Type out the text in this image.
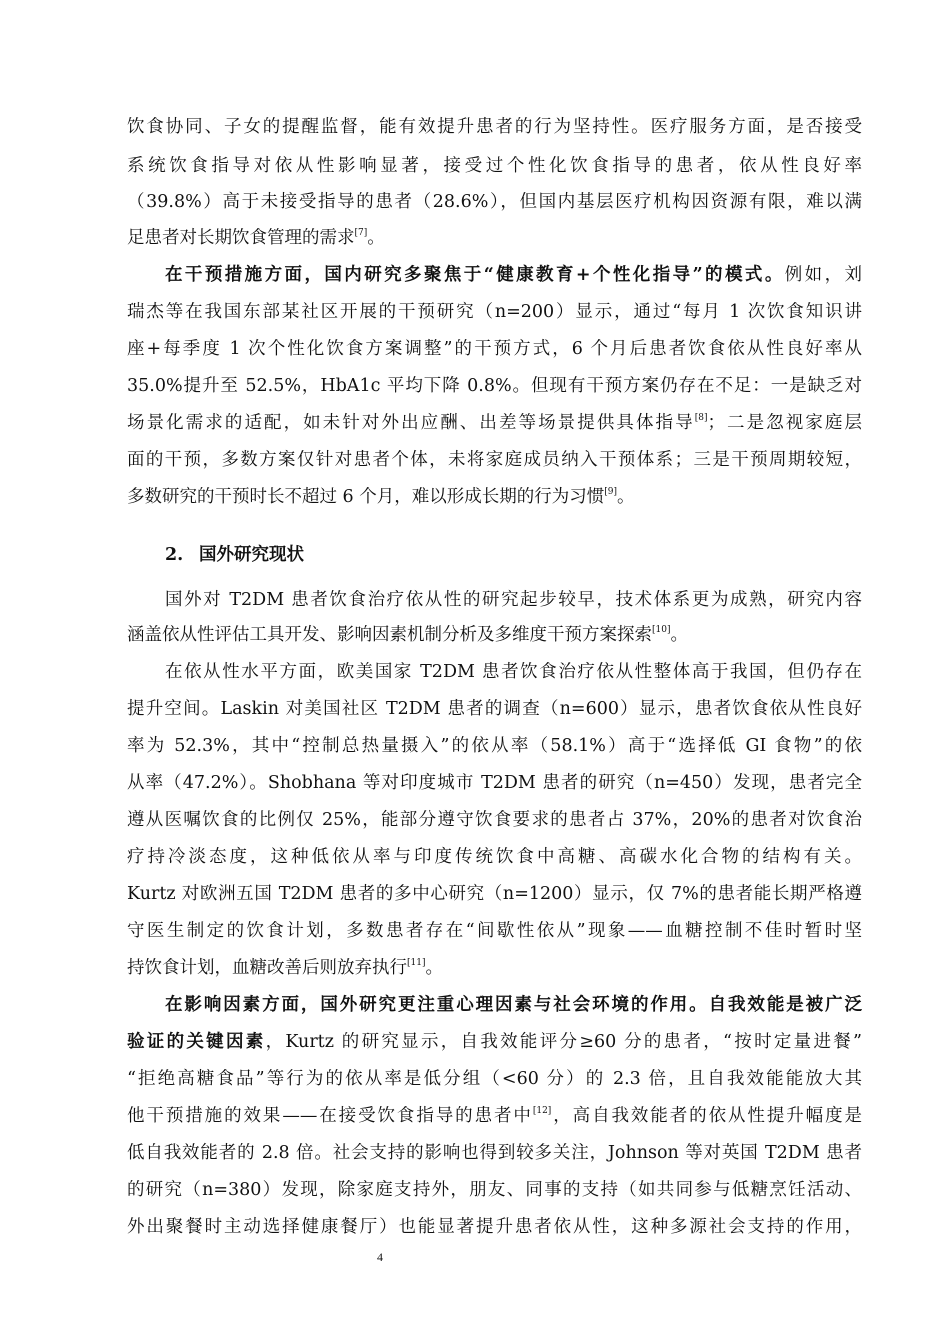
饮食协同、子女的提醒监督，能有效提升患者的行为坚持性。医疗服务方面，是否接受
系统饮食指导对依从性影响显著，接受过个性化饮食指导的患者，依从性良好率
（39.8%）高于未接受指导的患者（28.6%），但国内基层医疗机构因资源有限，难以满
足患者对长期饮食管理的需求[7]。
在干预措施方面，国内研究多聚焦于“健康教育+个性化指导”的模式。例如，刘
瑞杰等在我国东部某社区开展的干预研究（n=200）显示，通过“每月 1 次饮食知识讲
座+每季度 1 次个性化饮食方案调整”的干预方式，6 个月后患者饮食依从性良好率从
35.0%提升至 52.5%，HbA1c 平均下降 0.8%。但现有干预方案仍存在不足：一是缺乏对
场景化需求的适配，如未针对外出应酬、出差等场景提供具体指导[8]；二是忽视家庭层
面的干预，多数方案仅针对患者个体，未将家庭成员纳入干预体系；三是干预周期较短，
多数研究的干预时长不超过 6 个月，难以形成长期的行为习惯[9]。
2. 国外研究现状
国外对 T2DM 患者饮食治疗依从性的研究起步较早，技术体系更为成熟，研究内容
涵盖依从性评估工具开发、影响因素机制分析及多维度干预方案探索[10]。
在依从性水平方面，欧美国家 T2DM 患者饮食治疗依从性整体高于我国，但仍存在
提升空间。Laskin 对美国社区 T2DM 患者的调查（n=600）显示，患者饮食依从性良好
率为 52.3%，其中“控制总热量摄入”的依从率（58.1%）高于“选择低 GI 食物”的依
从率（47.2%）。Shobhana 等对印度城市 T2DM 患者的研究（n=450）发现，患者完全
遵从医嘱饮食的比例仅 25%，能部分遵守饮食要求的患者占 37%，20%的患者对饮食治
疗持冷淡态度，这种低依从率与印度传统饮食中高糖、高碳水化合物的结构有关。
Kurtz 对欧洲五国 T2DM 患者的多中心研究（n=1200）显示，仅 7%的患者能长期严格遵
守医生制定的饮食计划，多数患者存在“间歇性依从”现象——血糖控制不佳时暂时坚
持饮食计划，血糖改善后则放弃执行[11]。
在影响因素方面，国外研究更注重心理因素与社会环境的作用。自我效能是被广泛
验证的关键因素，Kurtz 的研究显示，自我效能评分≥60 分的患者，“按时定量进餐”
“拒绝高糖食品”等行为的依从率是低分组（<60 分）的 2.3 倍，且自我效能能放大其
他干预措施的效果——在接受饮食指导的患者中[12]，高自我效能者的依从性提升幅度是
低自我效能者的 2.8 倍。社会支持的影响也得到较多关注，Johnson 等对英国 T2DM 患者
的研究（n=380）发现，除家庭支持外，朋友、同事的支持（如共同参与低糖烹饪活动、
外出聚餐时主动选择健康餐厅）也能显著提升患者依从性，这种多源社会支持的作用，
4
